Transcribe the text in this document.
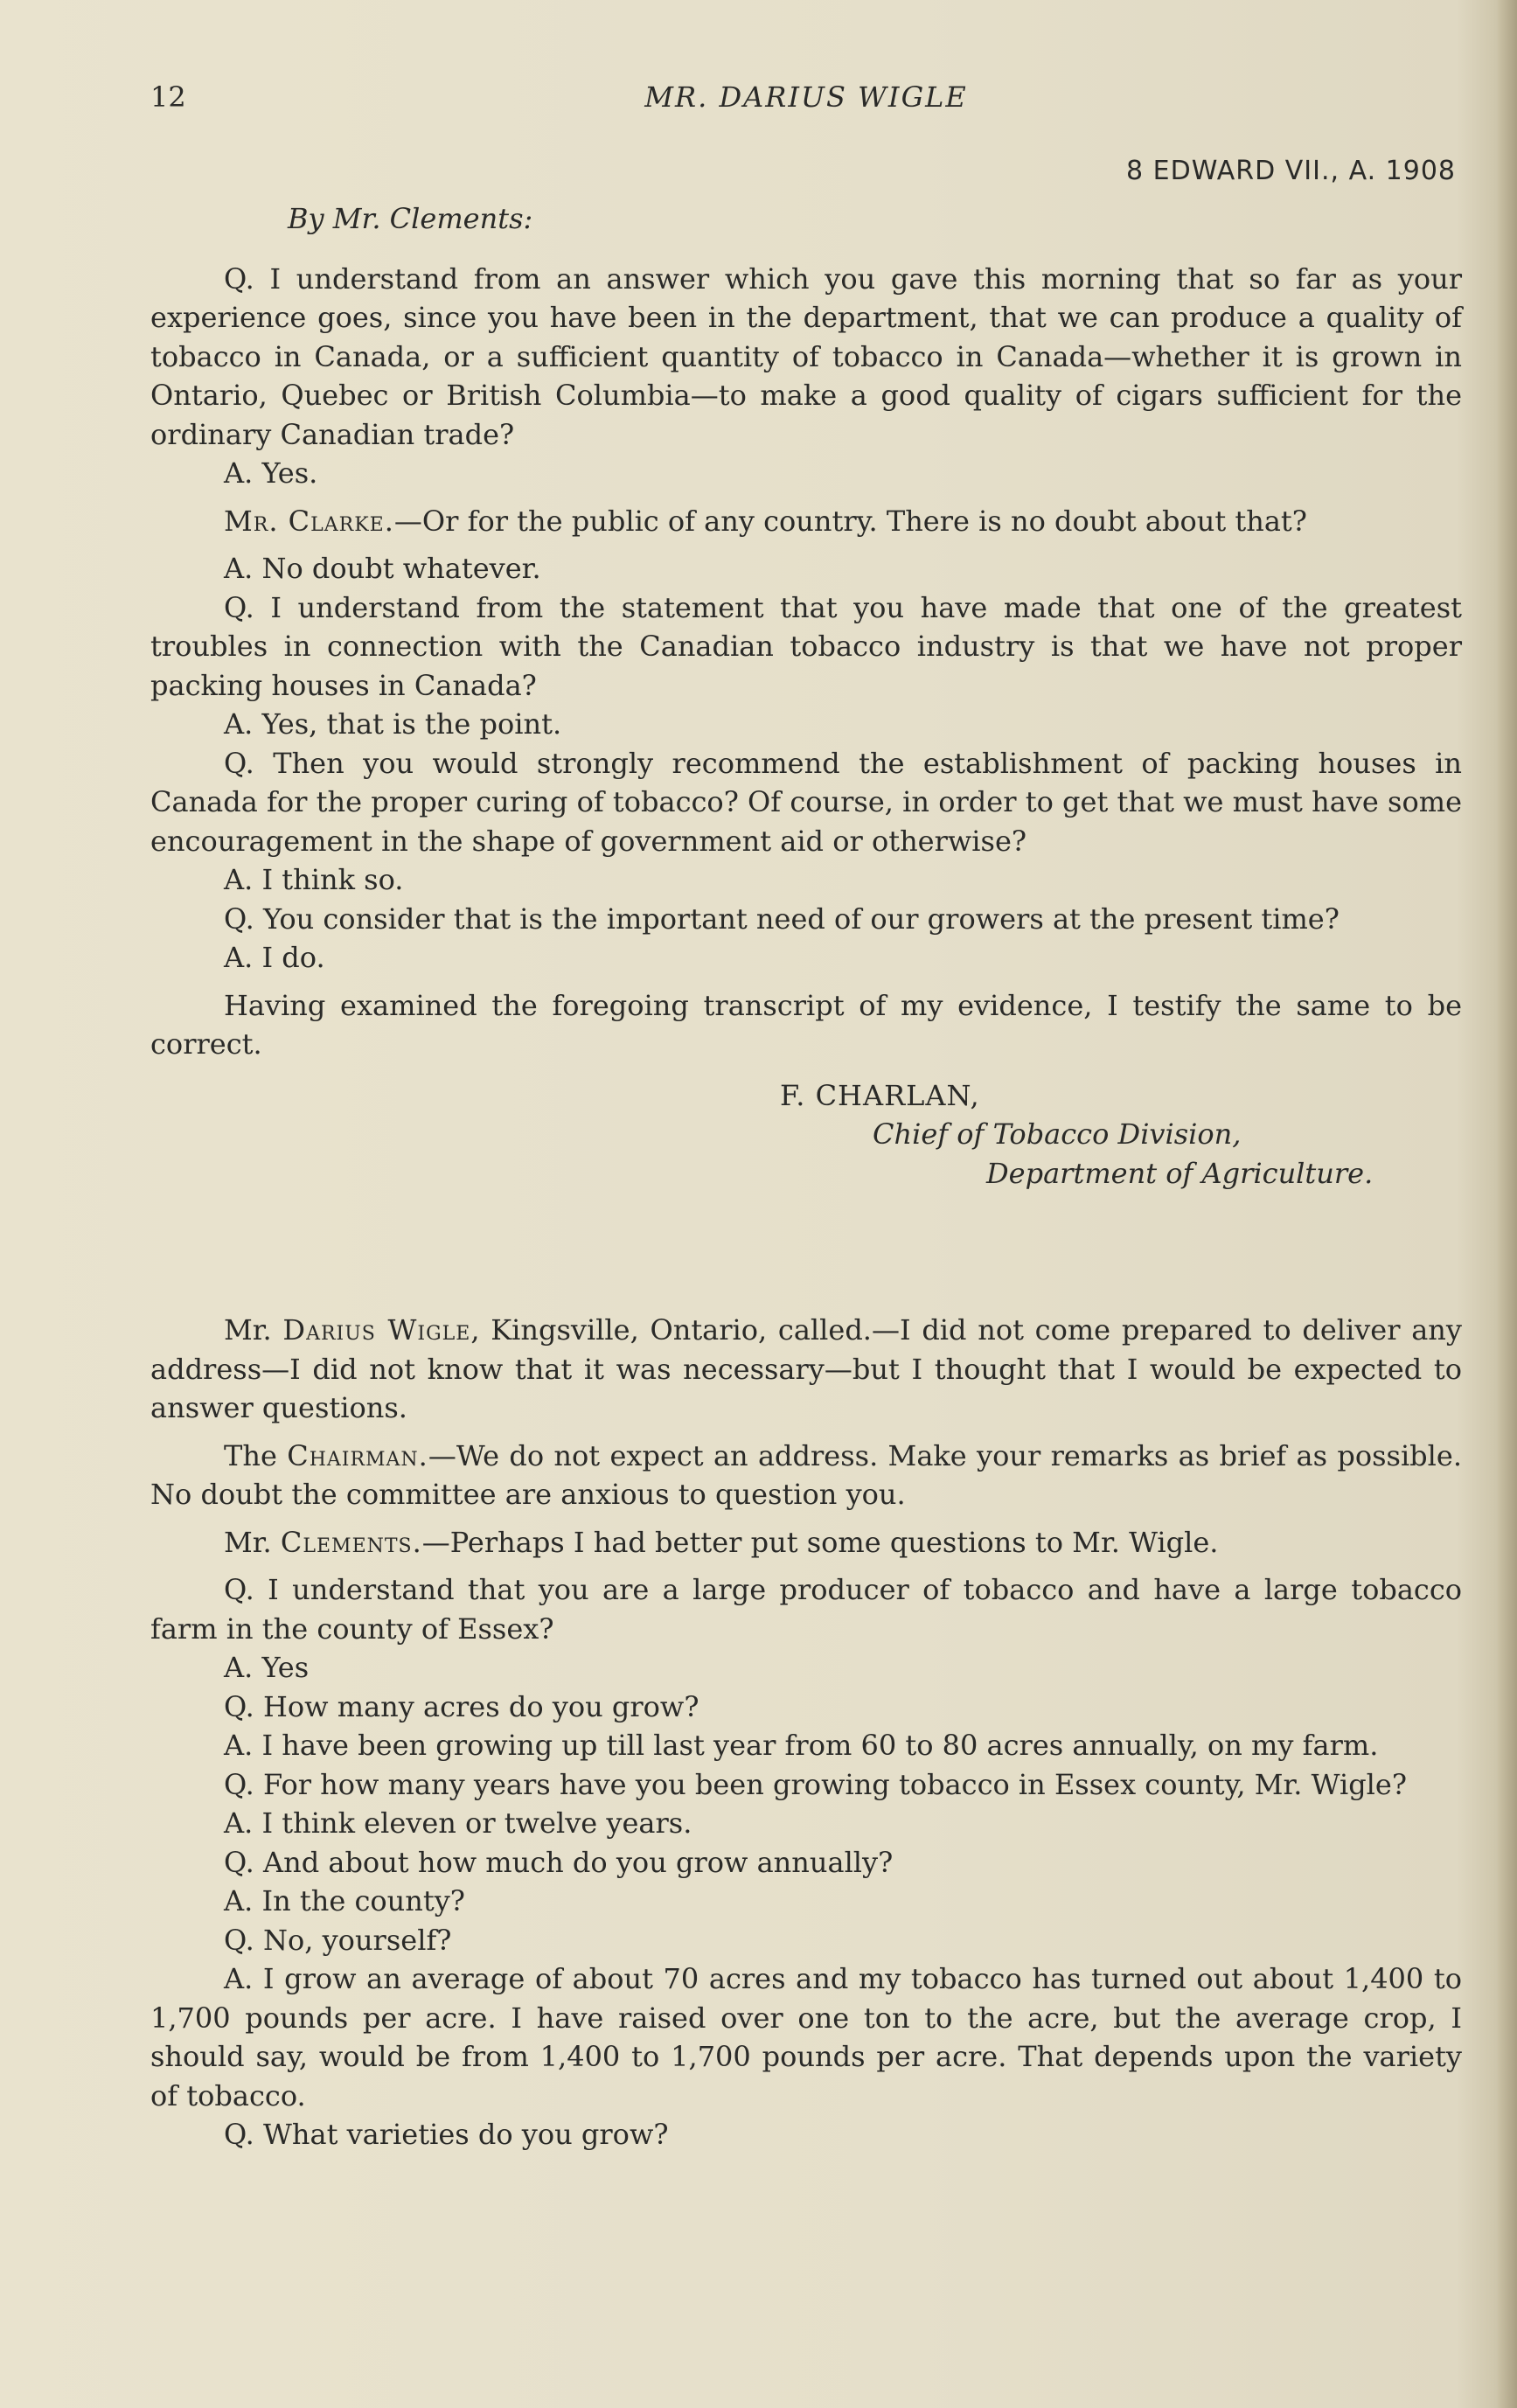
12	MR. DARIUS WIGLE
8 EDWARD VII., A. 1908

By Mr. Clements:

Q. I understand from an answer which you gave this morning that so far as your experience goes, since you have been in the department, that we can produce a quality of tobacco in Canada, or a sufficient quantity of tobacco in Canada—whether it is grown in Ontario, Quebec or British Columbia—to make a good quality of cigars sufficient for the ordinary Canadian trade?

A. Yes.

Mr. Clarke.—Or for the public of any country. There is no doubt about that?

A. No doubt whatever.

Q. I understand from the statement that you have made that one of the greatest troubles in connection with the Canadian tobacco industry is that we have not proper packing houses in Canada?

A. Yes, that is the point.

Q. Then you would strongly recommend the establishment of packing houses in Canada for the proper curing of tobacco? Of course, in order to get that we must have some encouragement in the shape of government aid or otherwise?

A. I think so.

Q. You consider that is the important need of our growers at the present time?

A. I do.

Having examined the foregoing transcript of my evidence, I testify the same to be correct.

F. CHARLAN,
Chief of Tobacco Division,
Department of Agriculture.

Mr. Darius Wigle, Kingsville, Ontario, called.—I did not come prepared to deliver any address—I did not know that it was necessary—but I thought that I would be expected to answer questions.

The Chairman.—We do not expect an address. Make your remarks as brief as possible. No doubt the committee are anxious to question you.

Mr. Clements.—Perhaps I had better put some questions to Mr. Wigle.

Q. I understand that you are a large producer of tobacco and have a large tobacco farm in the county of Essex?

A. Yes

Q. How many acres do you grow?

A. I have been growing up till last year from 60 to 80 acres annually, on my farm.

Q. For how many years have you been growing tobacco in Essex county, Mr. Wigle?

A. I think eleven or twelve years.

Q. And about how much do you grow annually?

A. In the county?

Q. No, yourself?

A. I grow an average of about 70 acres and my tobacco has turned out about 1,400 to 1,700 pounds per acre. I have raised over one ton to the acre, but the average crop, I should say, would be from 1,400 to 1,700 pounds per acre. That depends upon the variety of tobacco.

Q. What varieties do you grow?
